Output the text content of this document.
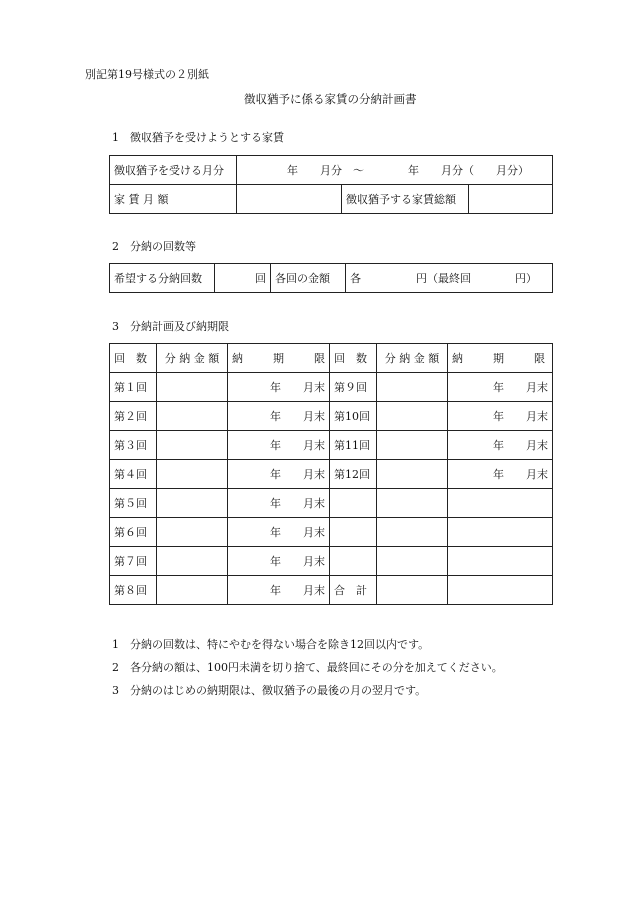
別記第19号様式の２別紙
徴収猶予に係る家賃の分納計画書
1　徴収猶予を受けようとする家賃
徴収猶予を受ける月分	年　　月分　～　　　　年　　月分（　　月分）		
家 賃 月 額		徴収猶予する家賃総額	
2　分納の回数等
希望する分納回数	回	各回の金額	各　　　　　円（最終回　　　　円）
3　分納計画及び納期限
回　数	分 納 金 額	納 期 限	回　数	分 納 金 額	納 期 限
第１回		年　　月末	第９回		年　　月末
第２回		年　　月末	第10回		年　　月末
第３回		年　　月末	第11回		年　　月末
第４回		年　　月末	第12回		年　　月末
第５回		年　　月末			
第６回		年　　月末			
第７回		年　　月末			
第８回		年　　月末	合　計		
1　分納の回数は、特にやむを得ない場合を除き12回以内です。
2　各分納の額は、100円未満を切り捨て、最終回にその分を加えてください。
3　分納のはじめの納期限は、徴収猶予の最後の月の翌月です。
